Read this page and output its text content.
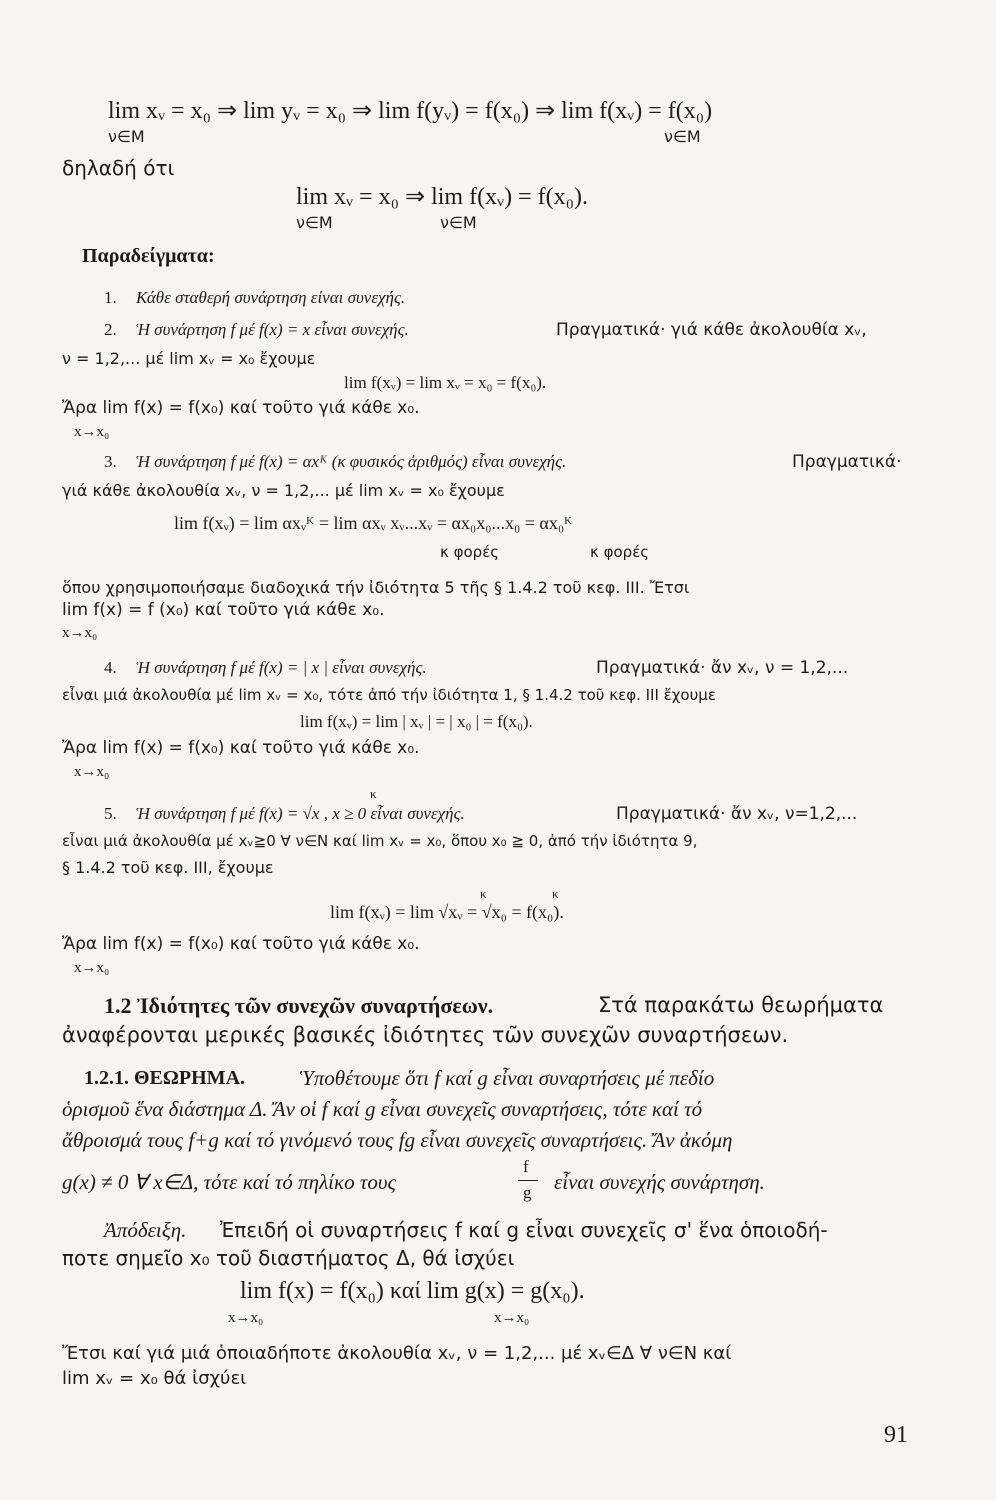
lim xᵥ = x₀ ⇒ lim yᵥ = x₀ ⇒ lim f(yᵥ) = f(x₀) ⇒ lim f(xᵥ) = f(x₀)
ν∈M	ν∈M
δηλαδή ότι
lim xᵥ = x₀ ⇒ lim f(xᵥ) = f(x₀).
ν∈M	ν∈M
Παραδείγματα:
1. Κάθε σταθερή συνάρτηση είναι συνεχής.
2. Ἡ συνάρτηση f μέ f(x) = x εἶναι συνεχής.	Πραγματικά· γιά κάθε ἀκολουθία xᵥ,
ν = 1,2,... μέ lim xᵥ = x₀ ἔχουμε
lim f(xᵥ) = lim xᵥ = x₀ = f(x₀).
Ἄρα lim f(x) = f(x₀) καί τοῦτο γιά κάθε x₀.
x→x₀
3. Ἡ συνάρτηση f μέ f(x) = αxᴷ (κ φυσικός ἀριθμός) εἶναι συνεχής.	Πραγματικά·
γιά κάθε ἀκολουθία xᵥ, ν = 1,2,... μέ lim xᵥ = x₀ ἔχουμε
lim f(xᵥ) = lim αxᵥᴷ = lim αxᵥ xᵥ...xᵥ = αx₀x₀...x₀ = αx₀ᴷ
κ φορές	κ φορές
ὅπου χρησιμοποιήσαμε διαδοχικά τήν ἰδιότητα 5 τῆς § 1.4.2 τοῦ κεφ. III. Ἔτσι
lim f(x) = f (x₀) καί τοῦτο γιά κάθε x₀.
x→x₀
4. Ἡ συνάρτηση f μέ f(x) = | x | εἶναι συνεχής.	Πραγματικά· ἄν xᵥ, ν = 1,2,...
εἶναι μιά ἀκολουθία μέ lim xᵥ = x₀, τότε ἀπό τήν ἰδιότητα 1, § 1.4.2 τοῦ κεφ. III ἔχουμε
lim f(xᵥ) = lim | xᵥ | = | x₀ | = f(x₀).
Ἄρα lim f(x) = f(x₀) καί τοῦτο γιά κάθε x₀.
x→x₀
κ
5. Ἡ συνάρτηση f μέ f(x) = √x , x ≥ 0 εἶναι συνεχής.	Πραγματικά· ἄν xᵥ, ν=1,2,...
εἶναι μιά ἀκολουθία μέ xᵥ≧0 ∀ ν∈N καί lim xᵥ = x₀, ὅπου x₀ ≧ 0, ἀπό τήν ἰδιότητα 9,
§ 1.4.2 τοῦ κεφ. III, ἔχουμε
κ	κ
lim f(xᵥ) = lim √xᵥ = √x₀ = f(x₀).
Ἄρα lim f(x) = f(x₀) καί τοῦτο γιά κάθε x₀.
x→x₀
1.2 Ἰδιότητες τῶν συνεχῶν συναρτήσεων.	Στά παρακάτω θεωρήματα
ἀναφέρονται μερικές βασικές ἰδιότητες τῶν συνεχῶν συναρτήσεων.
1.2.1. ΘΕΩΡΗΜΑ.	Ὑποθέτουμε ὅτι f καί g εἶναι συναρτήσεις μέ πεδίο
ὁρισμοῦ ἕνα διάστημα Δ. Ἄν οἱ f καί g εἶναι συνεχεῖς συναρτήσεις, τότε καί τό
ἄθροισμά τους f+g καί τό γινόμενό τους fg εἶναι συνεχεῖς συναρτήσεις. Ἄν ἀκόμη
g(x) ≠ 0 ∀ x∈Δ, τότε καί τό πηλίκο τους
f
g εἶναι συνεχής συνάρτηση.
Ἀπόδειξη. Ἐπειδή οἱ συναρτήσεις f καί g εἶναι συνεχεῖς σ' ἕνα ὁποιοδή-
ποτε σημεῖο x₀ τοῦ διαστήματος Δ, θά ἰσχύει
lim f(x) = f(x₀) καί lim g(x) = g(x₀).
x→x₀	x→x₀
Ἔτσι καί γιά μιά ὁποιαδήποτε ἀκολουθία xᵥ, ν = 1,2,... μέ xᵥ∈Δ ∀ ν∈N καί
lim xᵥ = x₀ θά ἰσχύει
91
